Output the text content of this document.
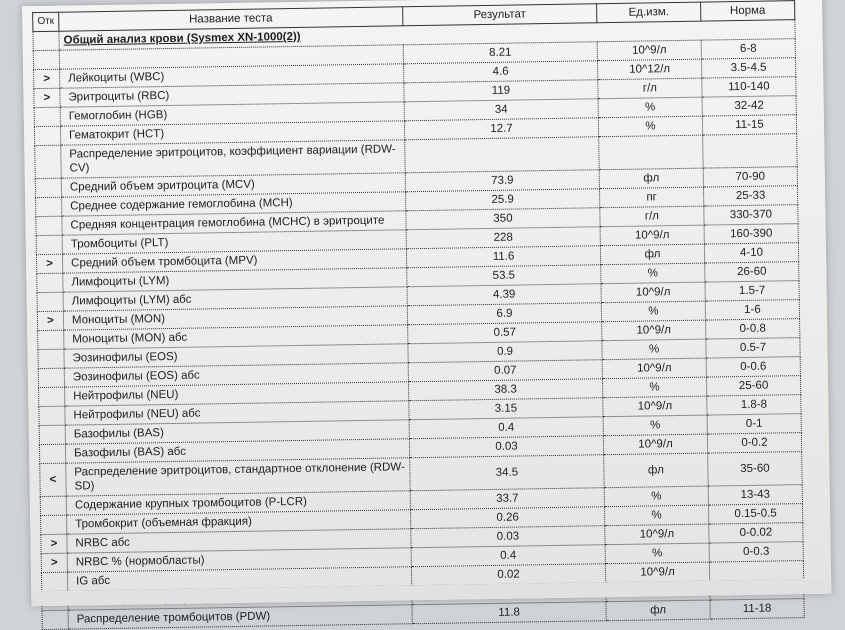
Отк	Название теста	Результат	Ед.изм.	Норма
	Общий анализ крови (Sysmex XN-1000(2))			
		8.21	10^9/л	6-8
>	Лейкоциты (WBC)	4.6	10^12/л	3.5-4.5
>	Эритроциты (RBC)	119	г/л	110-140
	Гемоглобин (HGB)	34	%	32-42
	Гематокрит (HCT)	12.7	%	11-15
	Распределение эритроцитов, коэффициент вариации (RDW-CV)			
	Средний объем эритроцита (MCV)	73.9	фл	70-90
	Среднее содержание гемоглобина (MCH)	25.9	пг	25-33
	Средняя концентрация гемоглобина (MCHC) в эритроците	350	г/л	330-370
	Тромбоциты (PLT)	228	10^9/л	160-390
>	Средний объем тромбоцита (MPV)	11.6	фл	4-10
	Лимфоциты (LYM)	53.5	%	26-60
	Лимфоциты (LYM) абс	4.39	10^9/л	1.5-7
>	Моноциты (MON)	6.9	%	1-6
	Моноциты (MON) абс	0.57	10^9/л	0-0.8
	Эозинофилы (EOS)	0.9	%	0.5-7
	Эозинофилы (EOS) абс	0.07	10^9/л	0-0.6
	Нейтрофилы (NEU)	38.3	%	25-60
	Нейтрофилы (NEU) абс	3.15	10^9/л	1.8-8
	Базофилы (BAS)	0.4	%	0-1
	Базофилы (BAS) абс	0.03	10^9/л	0-0.2
<	Распределение эритроцитов, стандартное отклонение (RDW-SD)	34.5	фл	35-60
	Содержание крупных тромбоцитов (P-LCR)	33.7	%	13-43
	Тромбокрит (объемная фракция)	0.26	%	0.15-0.5
>	NRBC абс	0.03	10^9/л	0-0.02
>	NRBC % (нормобласты)	0.4	%	0-0.3
	IG абс	0.02	10^9/л	

	Распределение тромбоцитов (PDW)	11.8	фл	11-18
